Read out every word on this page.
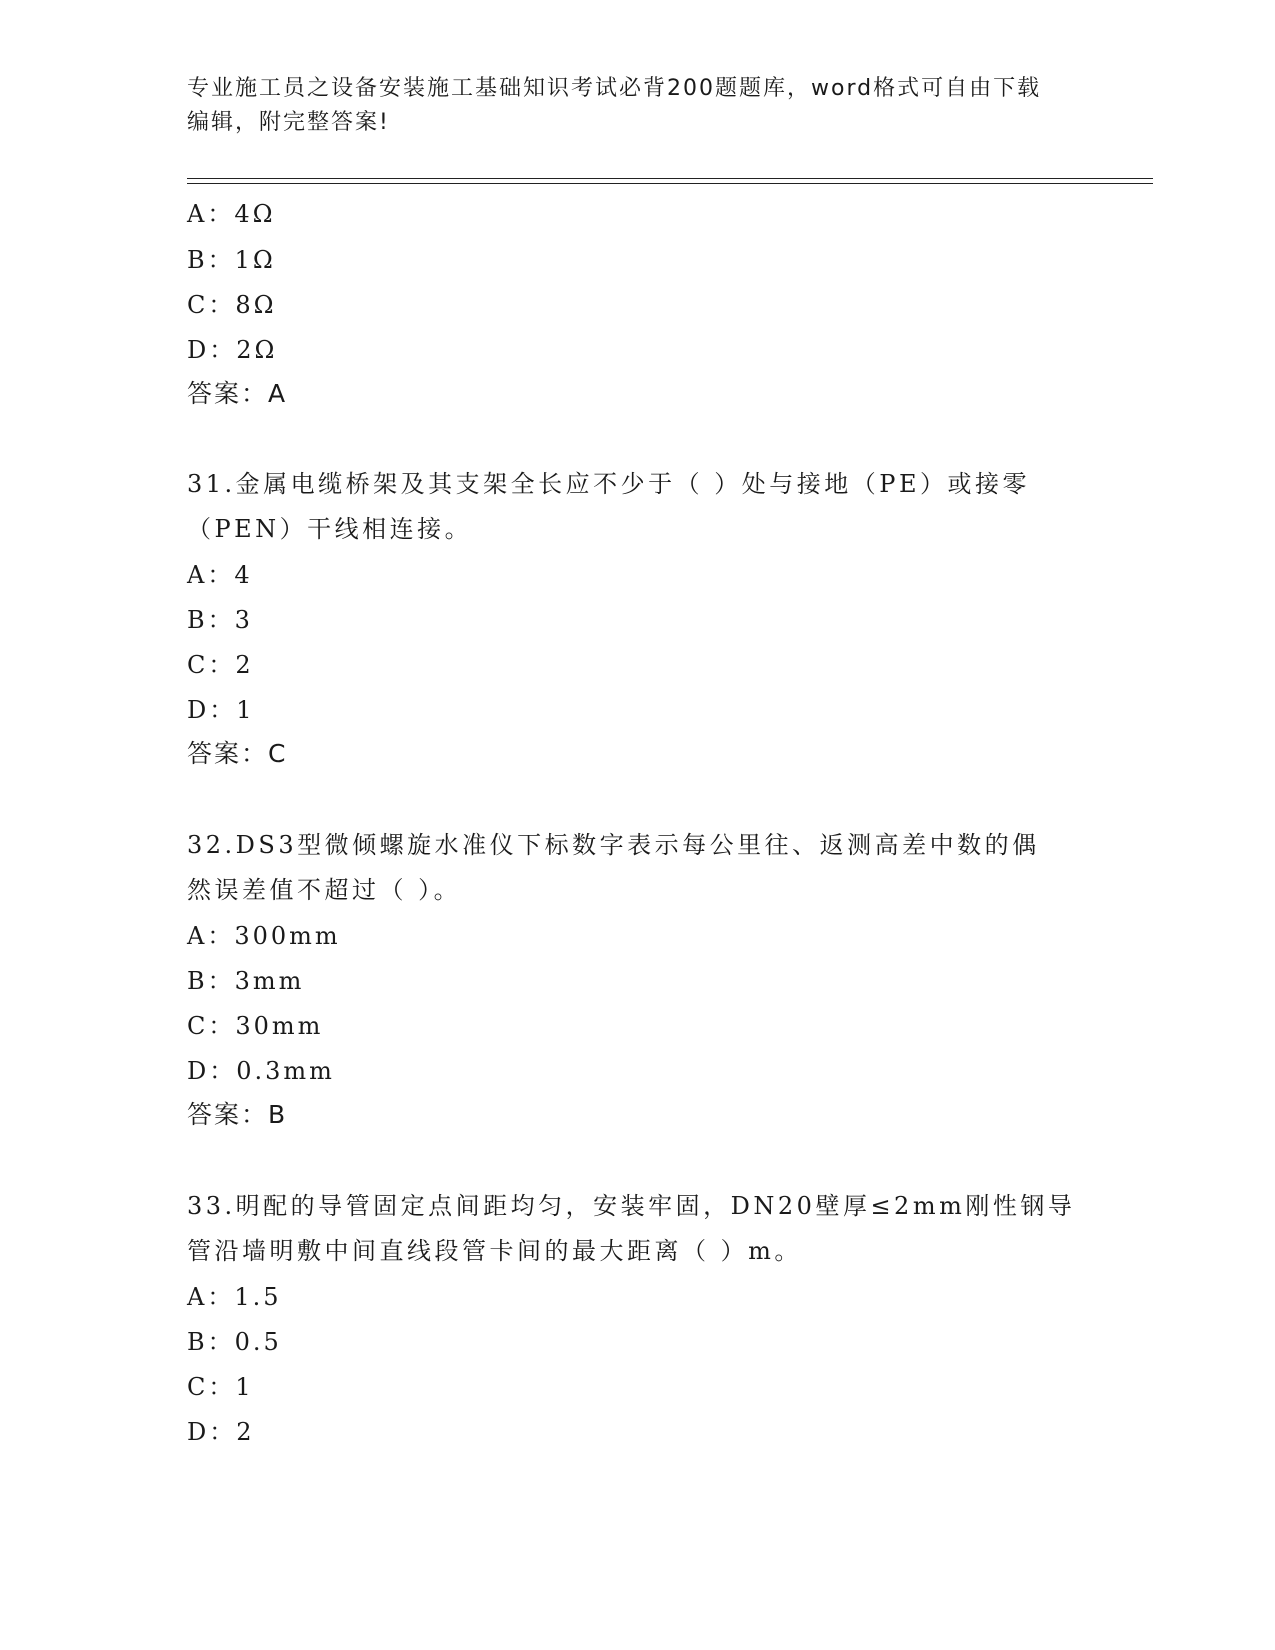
专业施工员之设备安装施工基础知识考试必背200题题库，word格式可自由下载
编辑，附完整答案!
A：4Ω
B：1Ω
C：8Ω
D：2Ω
答案：A
31.金属电缆桥架及其支架全长应不少于（ ）处与接地（PE）或接零
（PEN）干线相连接。
A：4
B：3
C：2
D：1
答案：C
32.DS3型微倾螺旋水准仪下标数字表示每公里往、返测高差中数的偶
然误差值不超过（ ）。
A：300mm
B：3mm
C：30mm
D：0.3mm
答案：B
33.明配的导管固定点间距均匀，安装牢固，DN20壁厚≤2mm刚性钢导
管沿墙明敷中间直线段管卡间的最大距离（ ）m。
A：1.5
B：0.5
C：1
D：2
